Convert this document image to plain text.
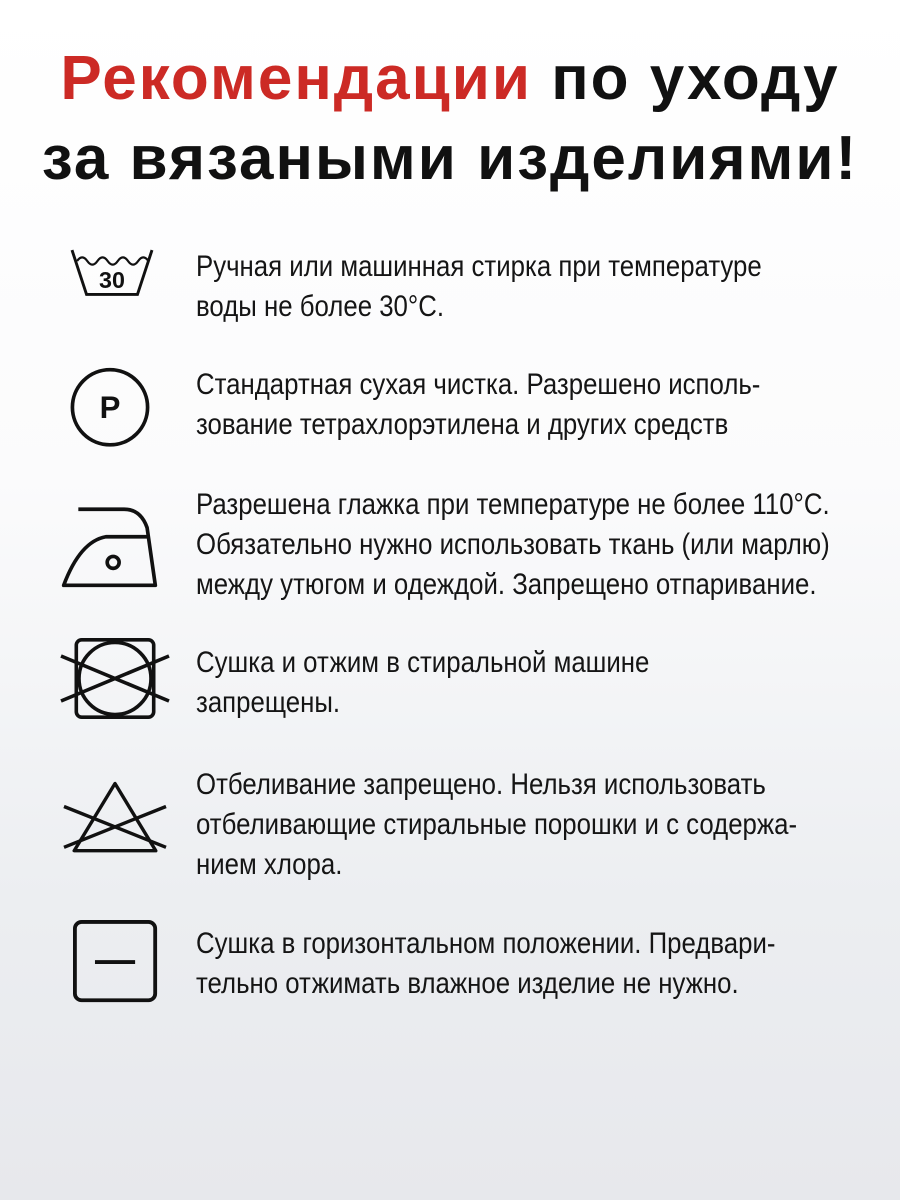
Рекомендации по уходу
за вязаными изделиями!
30 Ручная или машинная стирка при температуре
воды не более 30°С.
P
Стандартная сухая чистка. Разрешено исполь-
зование тетрахлорэтилена и других средств
Разрешена глажка при температуре не более 110°С.
Обязательно нужно использовать ткань (или марлю)
между утюгом и одеждой. Запрещено отпаривание.
Сушка и отжим в стиральной машине
запрещены.
Отбеливание запрещено. Нельзя использовать
отбеливающие стиральные порошки и с содержа-
нием хлора.
Сушка в горизонтальном положении. Предвари-
тельно отжимать влажное изделие не нужно.
